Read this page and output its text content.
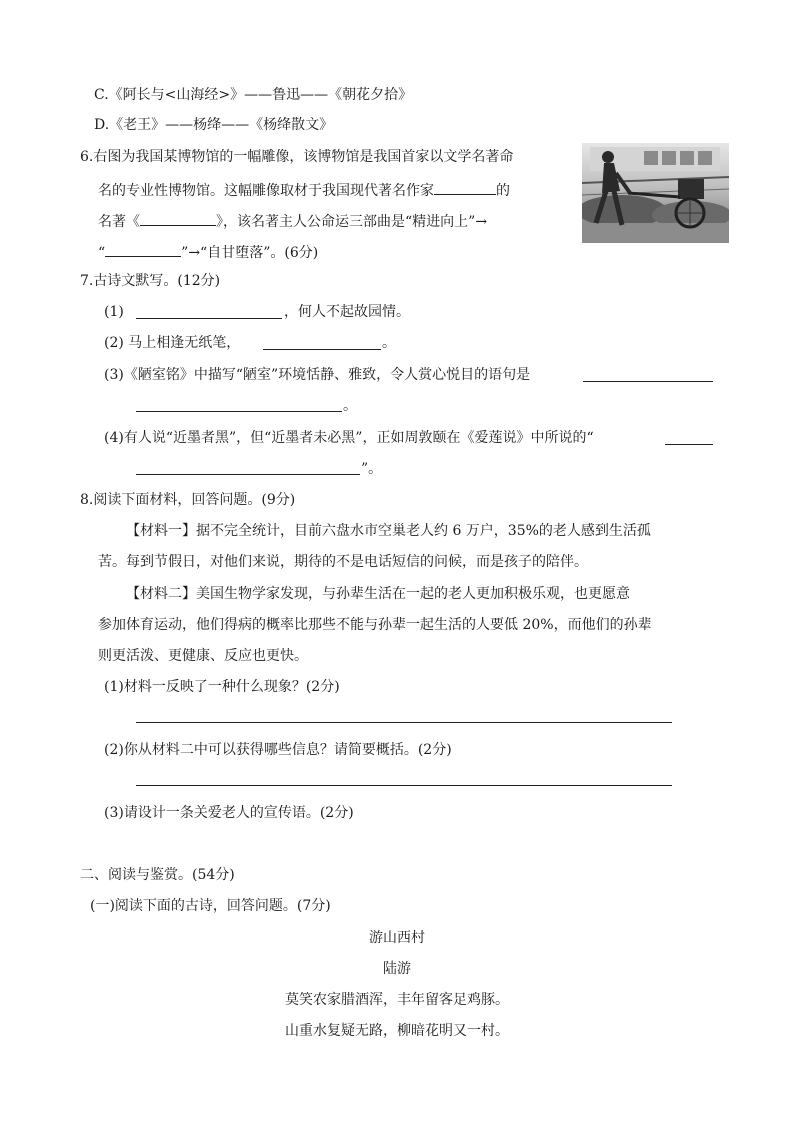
C.《阿长与<山海经>》——鲁迅——《朝花夕拾》
D.《老王》——杨绛——《杨绛散文》
6.右图为我国某博物馆的一幅雕像，该博物馆是我国首家以文学名著命
名的专业性博物馆。这幅雕像取材于我国现代著名作家	的
名著《	》，该名著主人公命运三部曲是“精进向上”→
“	”→“自甘堕落”。(6分)
7.古诗文默写。(12分)
(1)	，何人不起故园情。
(2) 马上相逢无纸笔，	。
(3)《陋室铭》中描写“陋室”环境恬静、雅致，令人赏心悦目的语句是
。
(4)有人说“近墨者黑”，但“近墨者未必黑”，正如周敦颐在《爱莲说》中所说的“
”。
8.阅读下面材料，回答问题。(9分)
【材料一】据不完全统计，目前六盘水市空巢老人约 6 万户，35%的老人感到生活孤
苦。每到节假日，对他们来说，期待的不是电话短信的问候，而是孩子的陪伴。
【材料二】美国生物学家发现，与孙辈生活在一起的老人更加积极乐观，也更愿意
参加体育运动，他们得病的概率比那些不能与孙辈一起生活的人要低 20%，而他们的孙辈
则更活泼、更健康、反应也更快。
(1)材料一反映了一种什么现象？(2分)
(2)你从材料二中可以获得哪些信息？请简要概括。(2分)
(3)请设计一条关爱老人的宣传语。(2分)
二、阅读与鉴赏。(54分)
(一)阅读下面的古诗，回答问题。(7分)
游山西村
陆游
莫笑农家腊酒浑，丰年留客足鸡豚。
山重水复疑无路，柳暗花明又一村。
